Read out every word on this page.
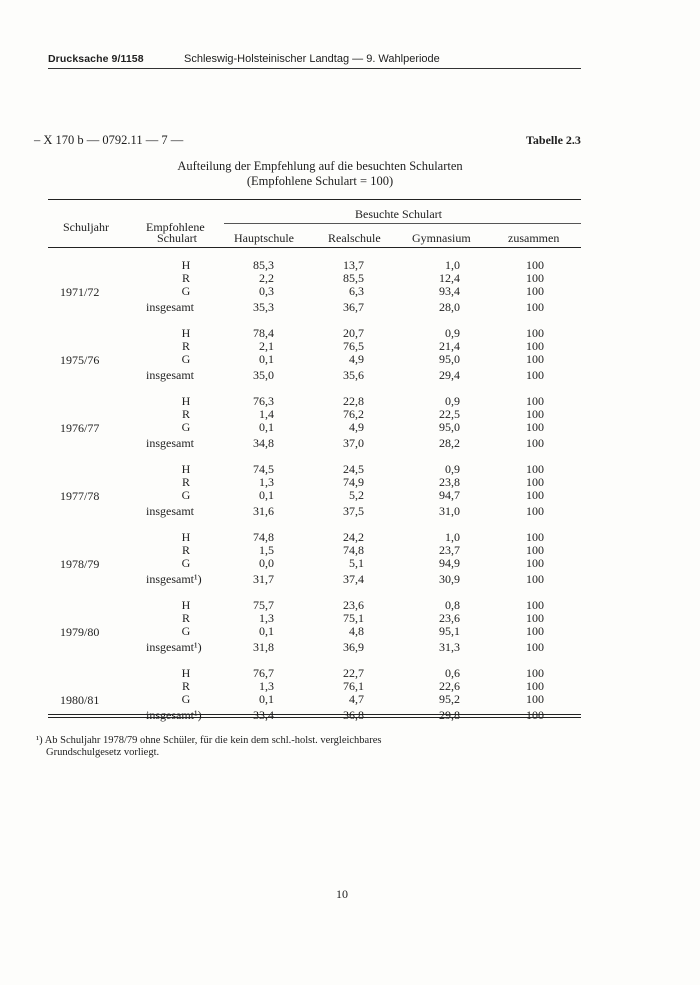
Drucksache 9/1158	Schleswig-Holsteinischer Landtag — 9. Wahlperiode
– X 170 b — 0792.11 — 7 —	Tabelle 2.3
Aufteilung der Empfehlung auf die besuchten Schularten
(Empfohlene Schulart = 100)
Besuchte Schulart
Schuljahr	Empfohlene
Schulart	Hauptschule	Realschule	Gymnasium	zusammen
1971/72
H	85,3	13,7	1,0	100
R	2,2	85,5	12,4	100
G	0,3	6,3	93,4	100
insgesamt	35,3	36,7	28,0	100
1975/76
H	78,4	20,7	0,9	100
R	2,1	76,5	21,4	100
G	0,1	4,9	95,0	100
insgesamt	35,0	35,6	29,4	100
1976/77
H	76,3	22,8	0,9	100
R	1,4	76,2	22,5	100
G	0,1	4,9	95,0	100
insgesamt	34,8	37,0	28,2	100
1977/78
H	74,5	24,5	0,9	100
R	1,3	74,9	23,8	100
G	0,1	5,2	94,7	100
insgesamt	31,6	37,5	31,0	100
1978/79
H	74,8	24,2	1,0	100
R	1,5	74,8	23,7	100
G	0,0	5,1	94,9	100
insgesamt¹)	31,7	37,4	30,9	100
1979/80
H	75,7	23,6	0,8	100
R	1,3	75,1	23,6	100
G	0,1	4,8	95,1	100
insgesamt¹)	31,8	36,9	31,3	100
1980/81
H	76,7	22,7	0,6	100
R	1,3	76,1	22,6	100
G	0,1	4,7	95,2	100
insgesamt¹)	33,4	36,8	29,8	100
¹) Ab Schuljahr 1978/79 ohne Schüler, für die kein dem schl.-holst. vergleichbares
Grundschulgesetz vorliegt.
10
